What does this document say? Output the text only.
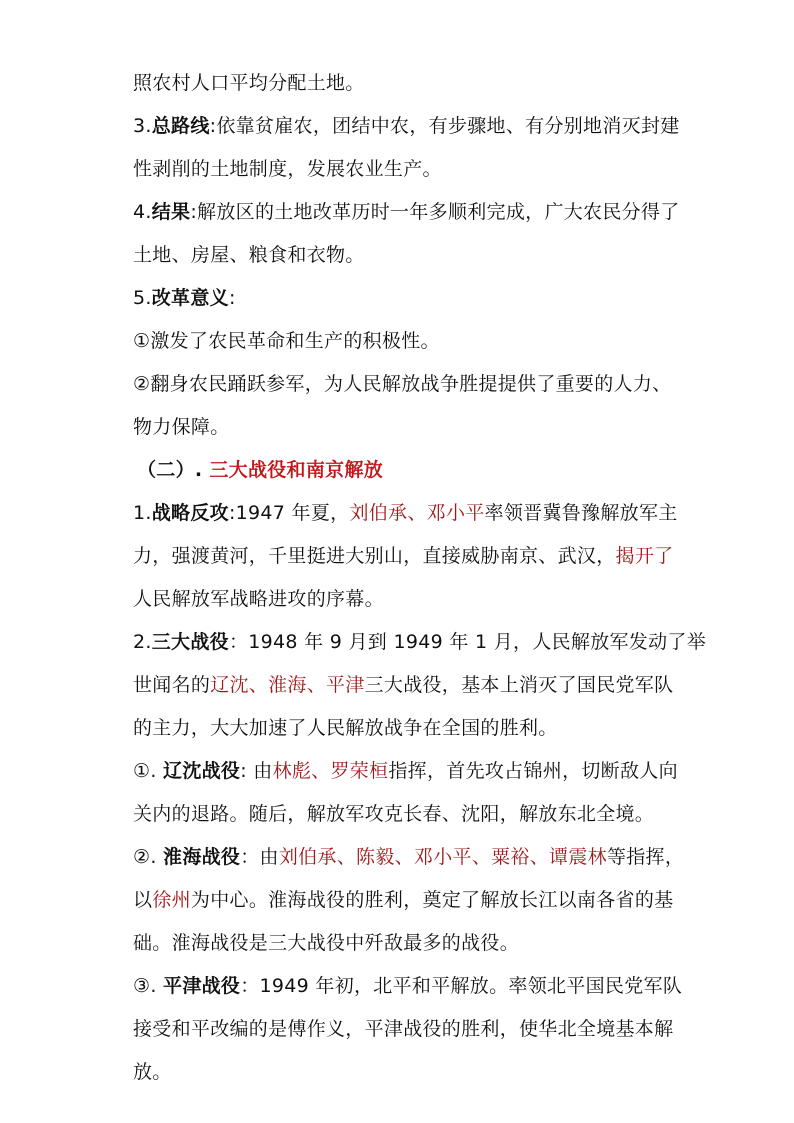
照农村人口平均分配土地。
3.总路线:依靠贫雇农，团结中农，有步骤地、有分别地消灭封建
性剥削的土地制度，发展农业生产。
4.结果:解放区的土地改革历时一年多顺利完成，广大农民分得了
土地、房屋、粮食和衣物。
5.改革意义:
①激发了农民革命和生产的积极性。
②翻身农民踊跃参军，为人民解放战争胜提提供了重要的人力、
物力保障。
（二）. 三大战役和南京解放
1.战略反攻:1947 年夏，刘伯承、邓小平率领晋冀鲁豫解放军主
力，强渡黄河，千里挺进大别山，直接威胁南京、武汉，揭开了
人民解放军战略进攻的序幕。
2.三大战役：1948 年 9 月到 1949 年 1 月，人民解放军发动了举
世闻名的辽沈、淮海、平津三大战役，基本上消灭了国民党军队
的主力，大大加速了人民解放战争在全国的胜利。
①. 辽沈战役: 由林彪、罗荣桓指挥，首先攻占锦州，切断敌人向
关内的退路。随后，解放军攻克长春、沈阳，解放东北全境。
②. 淮海战役：由刘伯承、陈毅、邓小平、粟裕、谭震林等指挥，
以徐州为中心。淮海战役的胜利，奠定了解放长江以南各省的基
础。淮海战役是三大战役中歼敌最多的战役。
③. 平津战役：1949 年初，北平和平解放。率领北平国民党军队
接受和平改编的是傅作义，平津战役的胜利，使华北全境基本解
放。
